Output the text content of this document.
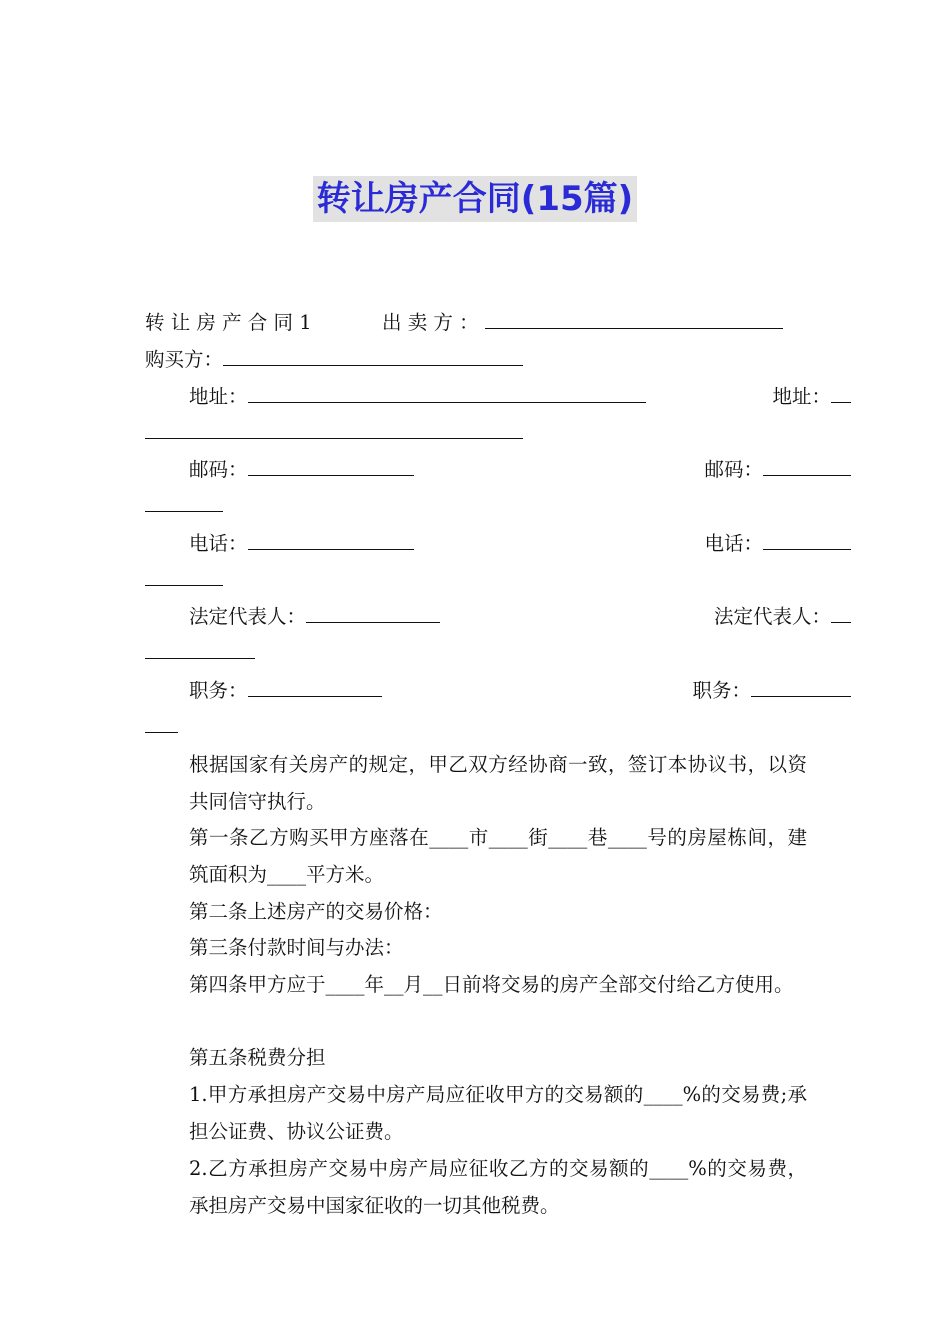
转让房产合同(15篇)
转 让 房 产 合 同 1	出 卖 方 ：
购买方：
地址：	地址：
邮码：	邮码：
电话：	电话：
法定代表人：	法定代表人：
职务：	职务：
根据国家有关房产的规定，甲乙双方经协商一致，签订本协议书，以资共同信守执行。
第一条乙方购买甲方座落在____市____街____巷____号的房屋栋间，建筑面积为____平方米。
第二条上述房产的交易价格：
第三条付款时间与办法：
第四条甲方应于____年__月__日前将交易的房产全部交付给乙方使用。
第五条税费分担
1.甲方承担房产交易中房产局应征收甲方的交易额的____%的交易费;承担公证费、协议公证费。
2.乙方承担房产交易中房产局应征收乙方的交易额的____%的交易费，承担房产交易中国家征收的一切其他税费。
